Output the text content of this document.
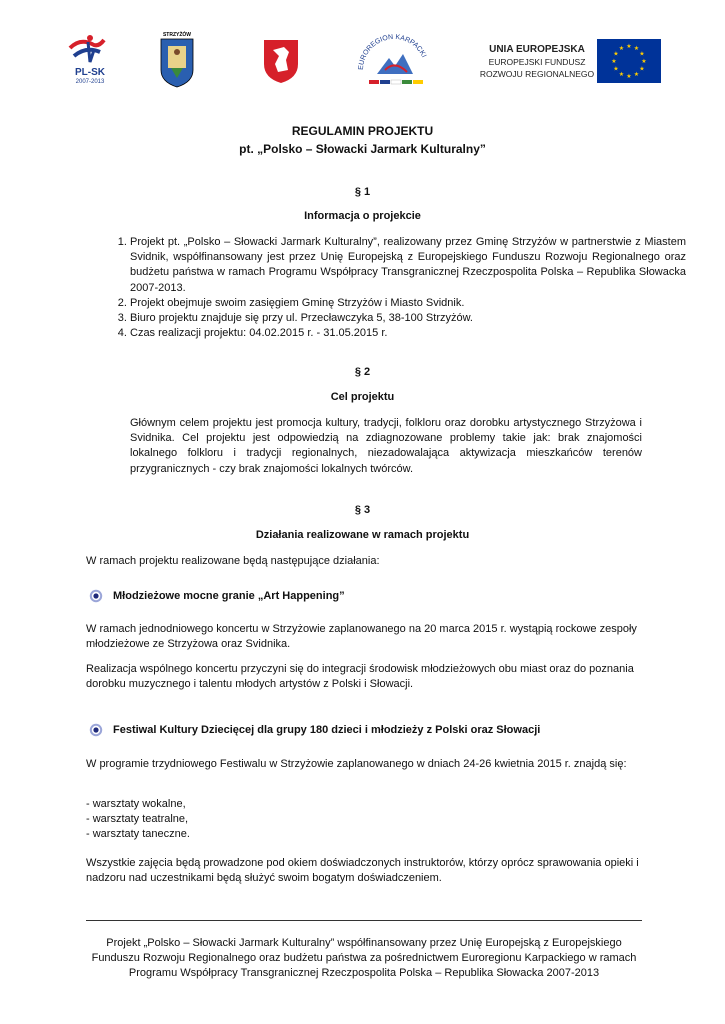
PL-SK
2007-2013
STRZYŻÓW
EUROREGION KARPACKI
UNIA EUROPEJSKA
EUROPEJSKI FUNDUSZ
ROZWOJU REGIONALNEGO
★ ★
★
★
★
★
★
★
★
★
★
★
REGULAMIN PROJEKTU
pt. „Polsko – Słowacki Jarmark Kulturalny”
§ 1
Informacja o projekcie
1. Projekt pt. „Polsko – Słowacki Jarmark Kulturalny”, realizowany przez Gminę Strzyżów w partnerstwie z Miastem Svidnik, współfinansowany jest przez Unię Europejską z Europejskiego Funduszu Rozwoju Regionalnego oraz budżetu państwa w ramach Programu Współpracy Transgranicznej Rzeczpospolita Polska – Republika Słowacka 2007-2013.
2. Projekt obejmuje swoim zasięgiem Gminę Strzyżów i Miasto Svidnik.
3. Biuro projektu znajduje się przy ul. Przecławczyka 5, 38-100 Strzyżów.
4. Czas realizacji projektu: 04.02.2015 r. - 31.05.2015 r.
§ 2
Cel projektu
Głównym celem projektu jest promocja kultury, tradycji, folkloru oraz dorobku artystycznego Strzyżowa i Svidnika. Cel projektu jest odpowiedzią na zdiagnozowane problemy takie jak: brak znajomości lokalnego folkloru i tradycji regionalnych, niezadowalająca aktywizacja mieszkańców terenów przygranicznych - czy brak znajomości lokalnych twórców.
§ 3
Działania realizowane w ramach projektu
W ramach projektu realizowane będą następujące działania:
Młodzieżowe mocne granie „Art Happening”
W ramach jednodniowego koncertu w Strzyżowie zaplanowanego na 20 marca 2015 r. wystąpią rockowe zespoły młodzieżowe ze Strzyżowa oraz Svidnika.
Realizacja wspólnego koncertu przyczyni się do integracji środowisk młodzieżowych obu miast oraz do poznania dorobku muzycznego i talentu młodych artystów z Polski i Słowacji.
Festiwal Kultury Dziecięcej dla grupy 180 dzieci i młodzieży z Polski oraz Słowacji
W programie trzydniowego Festiwalu w Strzyżowie zaplanowanego w dniach 24-26 kwietnia 2015 r. znajdą się:
- warsztaty wokalne,
- warsztaty teatralne,
- warsztaty taneczne.
Wszystkie zajęcia będą prowadzone pod okiem doświadczonych instruktorów, którzy oprócz sprawowania opieki i nadzoru nad uczestnikami będą służyć swoim bogatym doświadczeniem.
Projekt „Polsko – Słowacki Jarmark Kulturalny” współfinansowany przez Unię Europejską z Europejskiego
Funduszu Rozwoju Regionalnego oraz budżetu państwa za pośrednictwem Euroregionu Karpackiego w ramach
Programu Współpracy Transgranicznej Rzeczpospolita Polska – Republika Słowacka 2007-2013
